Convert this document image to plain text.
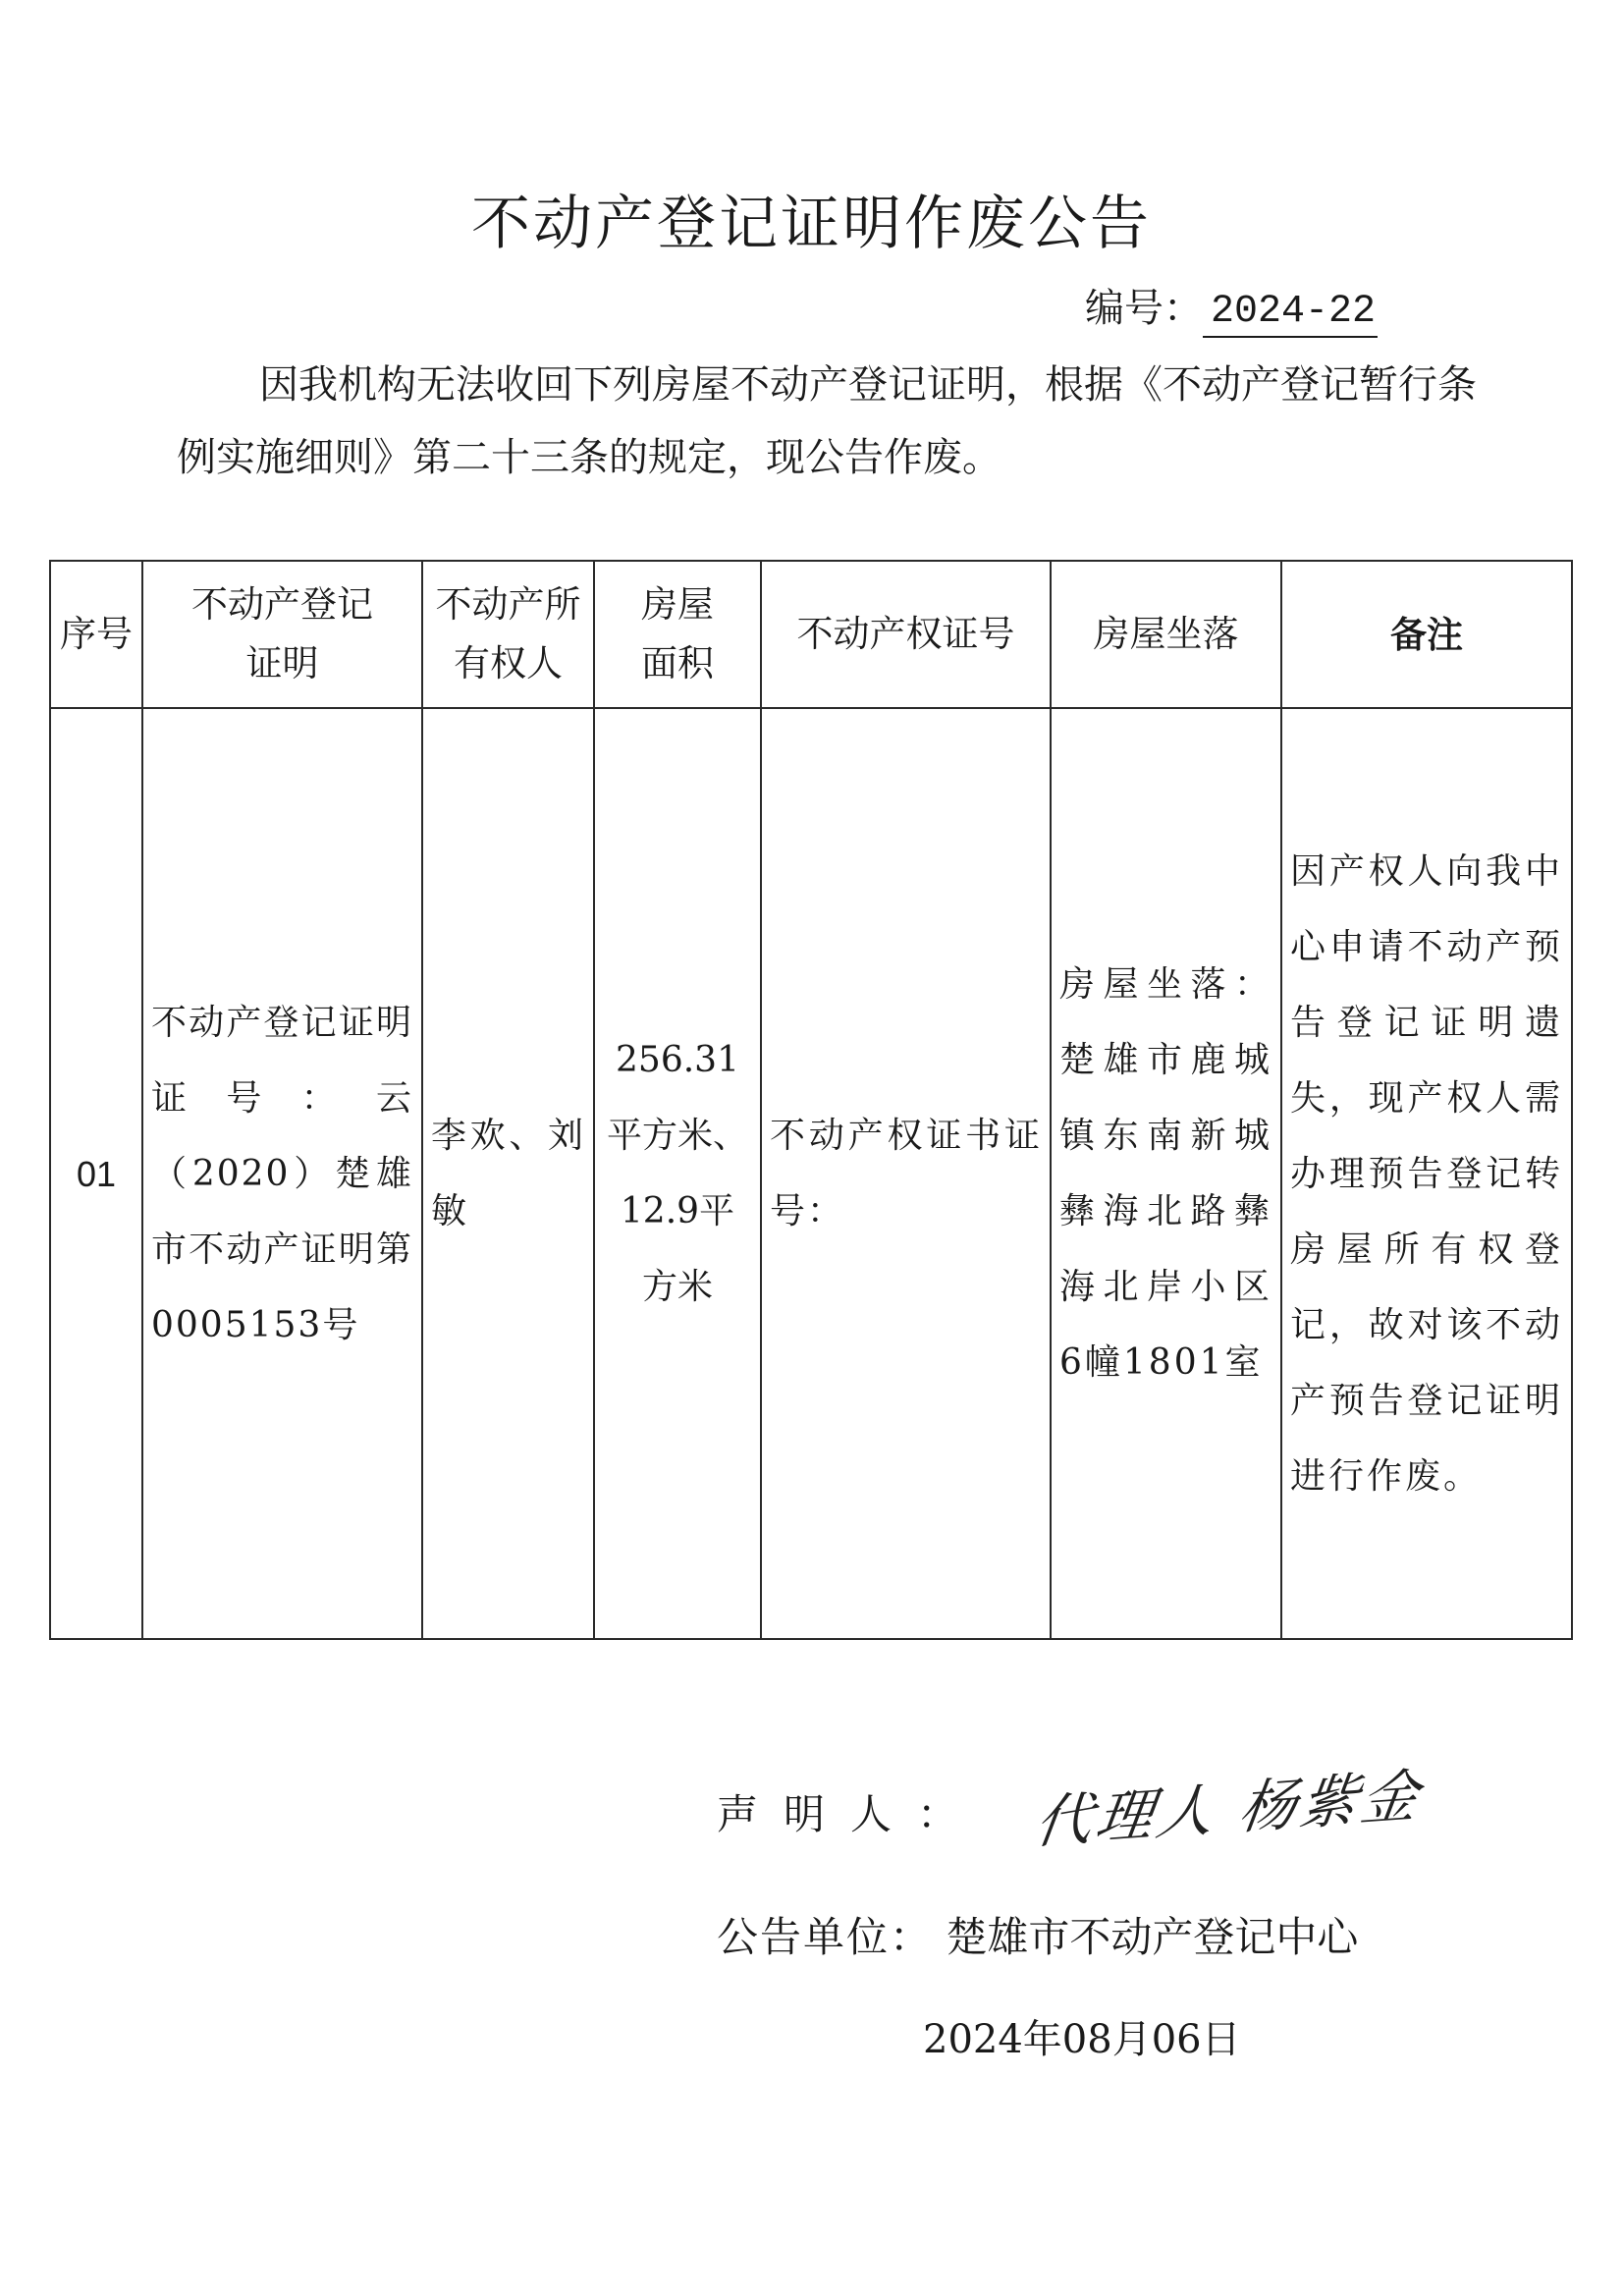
不动产登记证明作废公告
编号： 2024-22
因我机构无法收回下列房屋不动产登记证明，根据《不动产登记暂行条例实施细则》第二十三条的规定，现公告作废。
序号	不动产登记证明	不动产所有权人	房屋面积	不动产权证号	房屋坐落	备注
01	不动产登记证明证号：云（2020）楚雄市不动产证明第0005153号	李欢、刘敏	256.31平方米、12.9平方米	不动产权证书证号：	房屋坐落：楚雄市鹿城镇东南新城彝海北路彝海北岸小区6幢1801室	因产权人向我中心申请不动产预告登记证明遗失，现产权人需办理预告登记转房屋所有权登记，故对该不动产预告登记证明进行作废。
声明人： 代理人 杨紫金
公告单位： 楚雄市不动产登记中心
2024年08月06日
